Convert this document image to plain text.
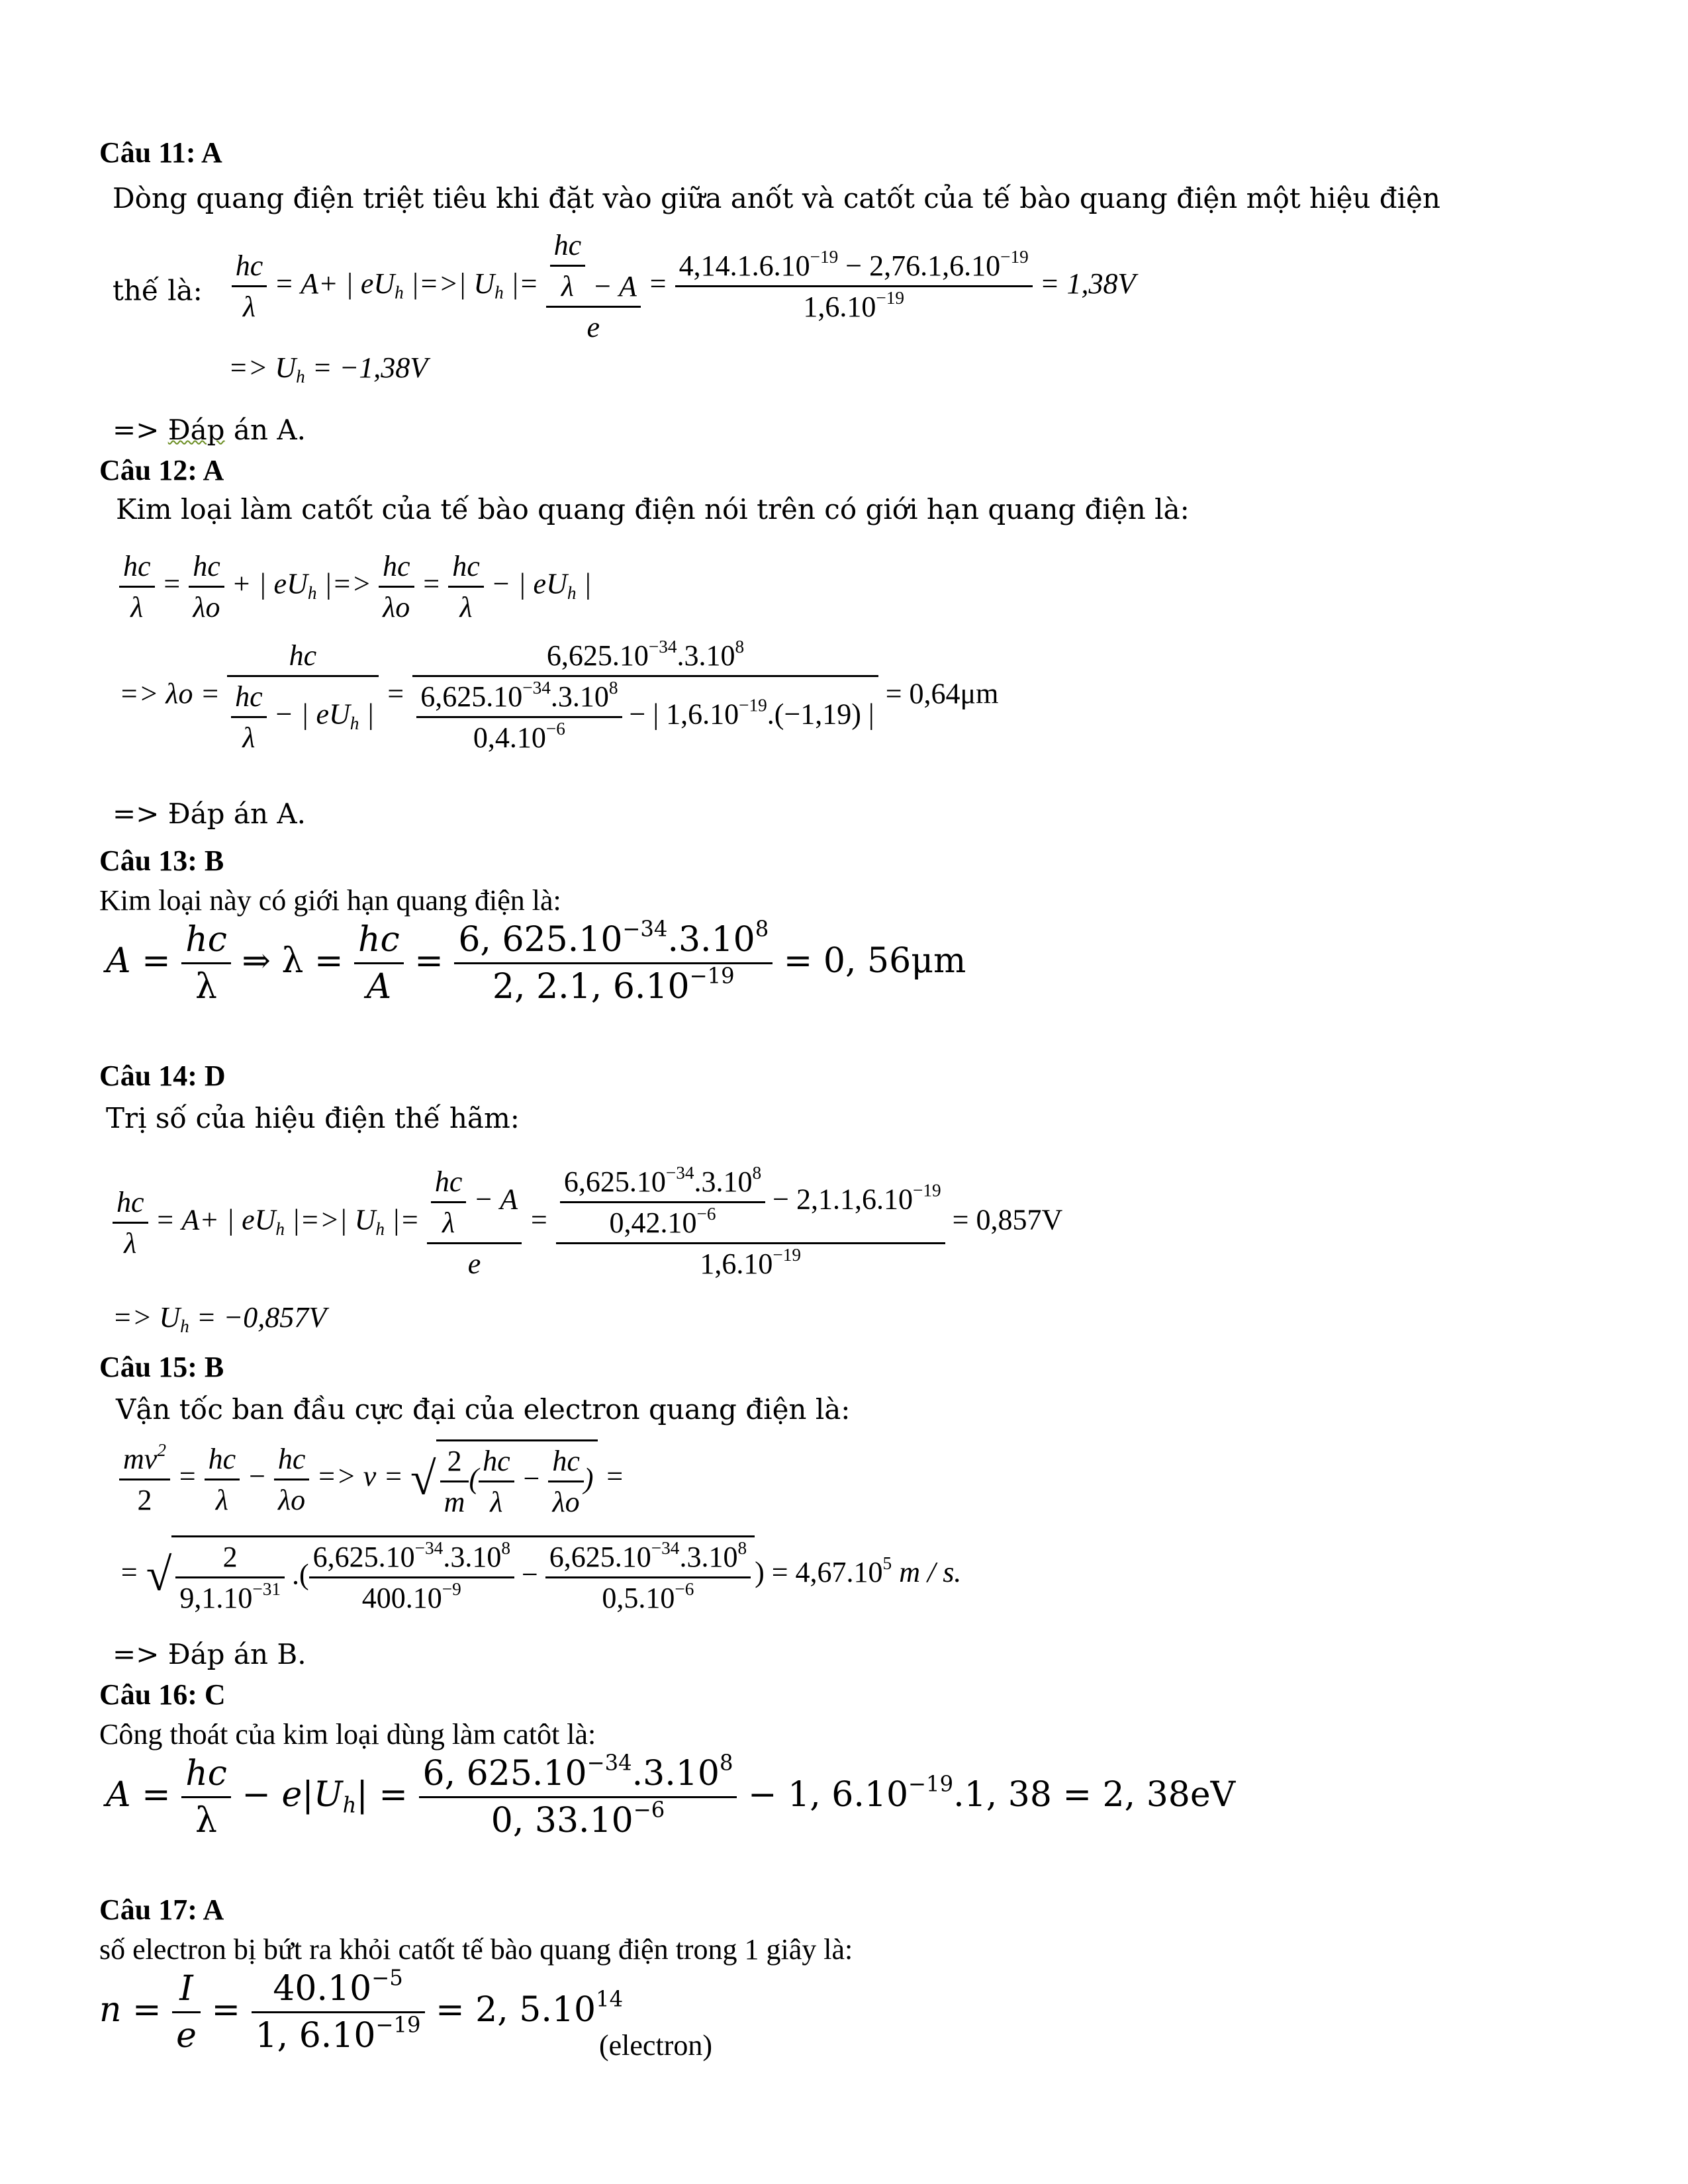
Câu 11: A
Dòng quang điện triệt tiêu khi đặt vào giữa anốt và catốt của tế bào quang điện một hiệu điện
thế là: $\frac{hc}{\lambda} = A+$ | $eU_h$ |=>| $U_h$ |= $\frac{\frac{hc}{\lambda} - A}{e} = \frac{4,14.1.6.10^{-19} - 2,76.1,6.10^{-19}}{1,6.10^{-19}} = 1,38V$
=> $U_h = -1,38V$
=> Đáp án A.
Câu 12: A
Kim loại làm catốt của tế bào quang điện nói trên có giới hạn quang điện là:
$\frac{hc}{\lambda} = \frac{hc}{\lambda o}$ + | $eU_h$ |=> $\frac{hc}{\lambda o} = \frac{hc}{\lambda}$ − | $eU_h$ |
=> $\lambda o = \frac{hc}{\frac{hc}{\lambda} - | eU_h |} = \frac{6,625.10^{-34}.3.10^8}{\frac{6,625.10^{-34}.3.10^8}{0,4.10^{-6}} - | 1,6.10^{-19}.(-1,19) |} = 0,64\mu m$
=> Đáp án A.
Câu 13: B
Kim loại này có giới hạn quang điện là:
$A = \frac{hc}{\lambda}$ ⇒ $\lambda = \frac{hc}{A} = \frac{6, 625.10^{-34}.3.10^8}{2, 2.1, 6.10^{-19}} = 0$, 56μm
Câu 14: D
Trị số của hiệu điện thế hãm:
$\frac{hc}{\lambda} = A+$ | $eU_h$ |=>| $U_h$ |= $\frac{\frac{hc}{\lambda} - A}{e} = \frac{\frac{6,625.10^{-34}.3.10^8}{0,42.10^{-6}} - 2,1.1,6.10^{-19}}{1,6.10^{-19}} = 0,857V$
=> $U_h = -0,857V$
Câu 15: B
Vận tốc ban đầu cực đại của electron quang điện là:
$\frac{mv^2}{2} = \frac{hc}{\lambda} - \frac{hc}{\lambda o} => v$ = √ $\frac{2}{m}$ ( $\frac{hc}{\lambda} - \frac{hc}{\lambda o}$ ) =
= √ $\frac{2}{9,1.10^{-31}}$ .( $\frac{6,625.10^{-34}.3.10^8}{400.10^{-9}} - \frac{6,625.10^{-34}.3.10^8}{0,5.10^{-6}}$ ) = $4,67.10^5$ m / s.
=> Đáp án B.
Câu 16: C
Công thoát của kim loại dùng làm catôt là:
$A = \frac{hc}{\lambda} - e|U_h| = \frac{6, 625.10^{-34}.3.10^8}{0, 33.10^{-6}} - 1$, $6.10^{-19}.1$, 38 = 2, 38eV
Câu 17: A
số electron bị bứt ra khỏi catốt tế bào quang điện trong 1 giây là:
$n = \frac{I}{e} = \frac{40.10^{-5}}{1, 6.10^{-19}} = 2$, 5.10$^{14}$
(electron)
